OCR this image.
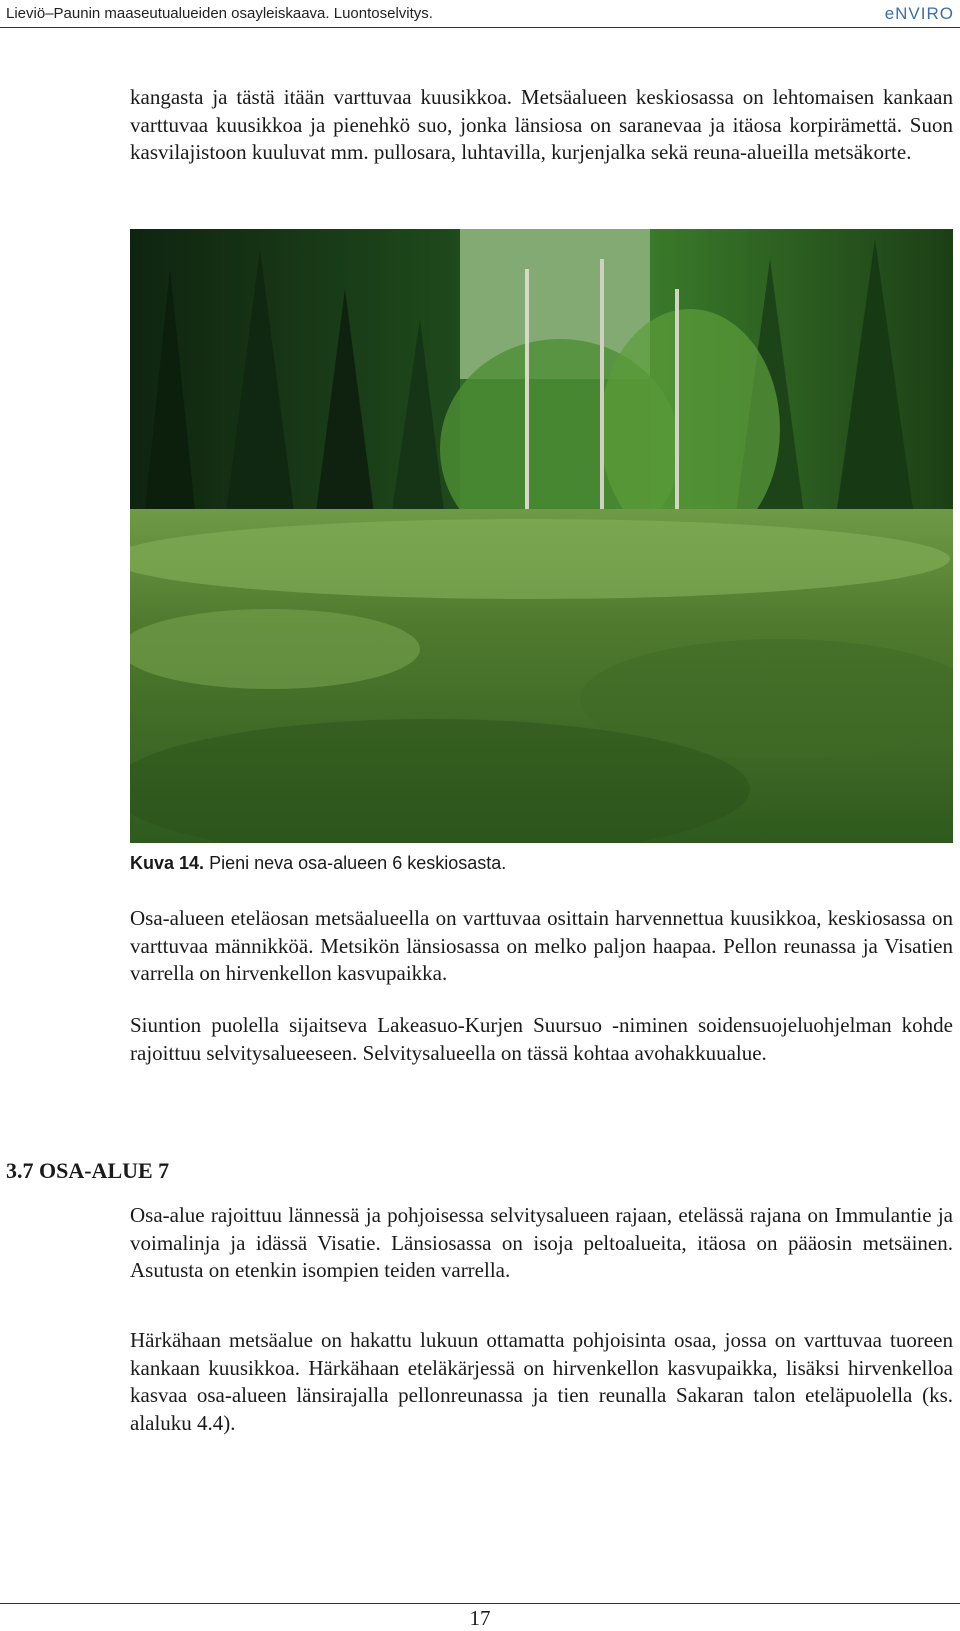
Lieviö–Paunin maaseutualueiden osayleiskaava. Luontoselvitys.	eNVIRO

kangasta ja tästä itään varttuvaa kuusikkoa. Metsäalueen keskiosassa on lehtomaisen kankaan varttuvaa kuusikkoa ja pienehkö suo, jonka länsiosa on saranevaa ja itäosa korpirämettä. Suon kasvilajistoon kuuluvat mm. pullosara, luhtavilla, kurjenjalka sekä reuna-alueilla metsäkorte.

Kuva 14. Pieni neva osa-alueen 6 keskiosasta.

Osa-alueen eteläosan metsäalueella on varttuvaa osittain harvennettua kuusikkoa, keskiosassa on varttuvaa männikköä. Metsikön länsiosassa on melko paljon haapaa. Pellon reunassa ja Visatien varrella on hirvenkellon kasvupaikka.

Siuntion puolella sijaitseva Lakeasuo-Kurjen Suursuo -niminen soidensuojeluohjelman kohde rajoittuu selvitysalueeseen. Selvitysalueella on tässä kohtaa avohakkuualue.

3.7 OSA-ALUE 7

Osa-alue rajoittuu lännessä ja pohjoisessa selvitysalueen rajaan, etelässä rajana on Immulantie ja voimalinja ja idässä Visatie. Länsiosassa on isoja peltoalueita, itäosa on pääosin metsäinen. Asutusta on etenkin isompien teiden varrella.

Härkähaan metsäalue on hakattu lukuun ottamatta pohjoisinta osaa, jossa on varttuvaa tuoreen kankaan kuusikkoa. Härkähaan eteläkärjessä on hirvenkellon kasvupaikka, lisäksi hirvenkelloa kasvaa osa-alueen länsirajalla pellonreunassa ja tien reunalla Sakaran talon eteläpuolella (ks. alaluku 4.4).

17
